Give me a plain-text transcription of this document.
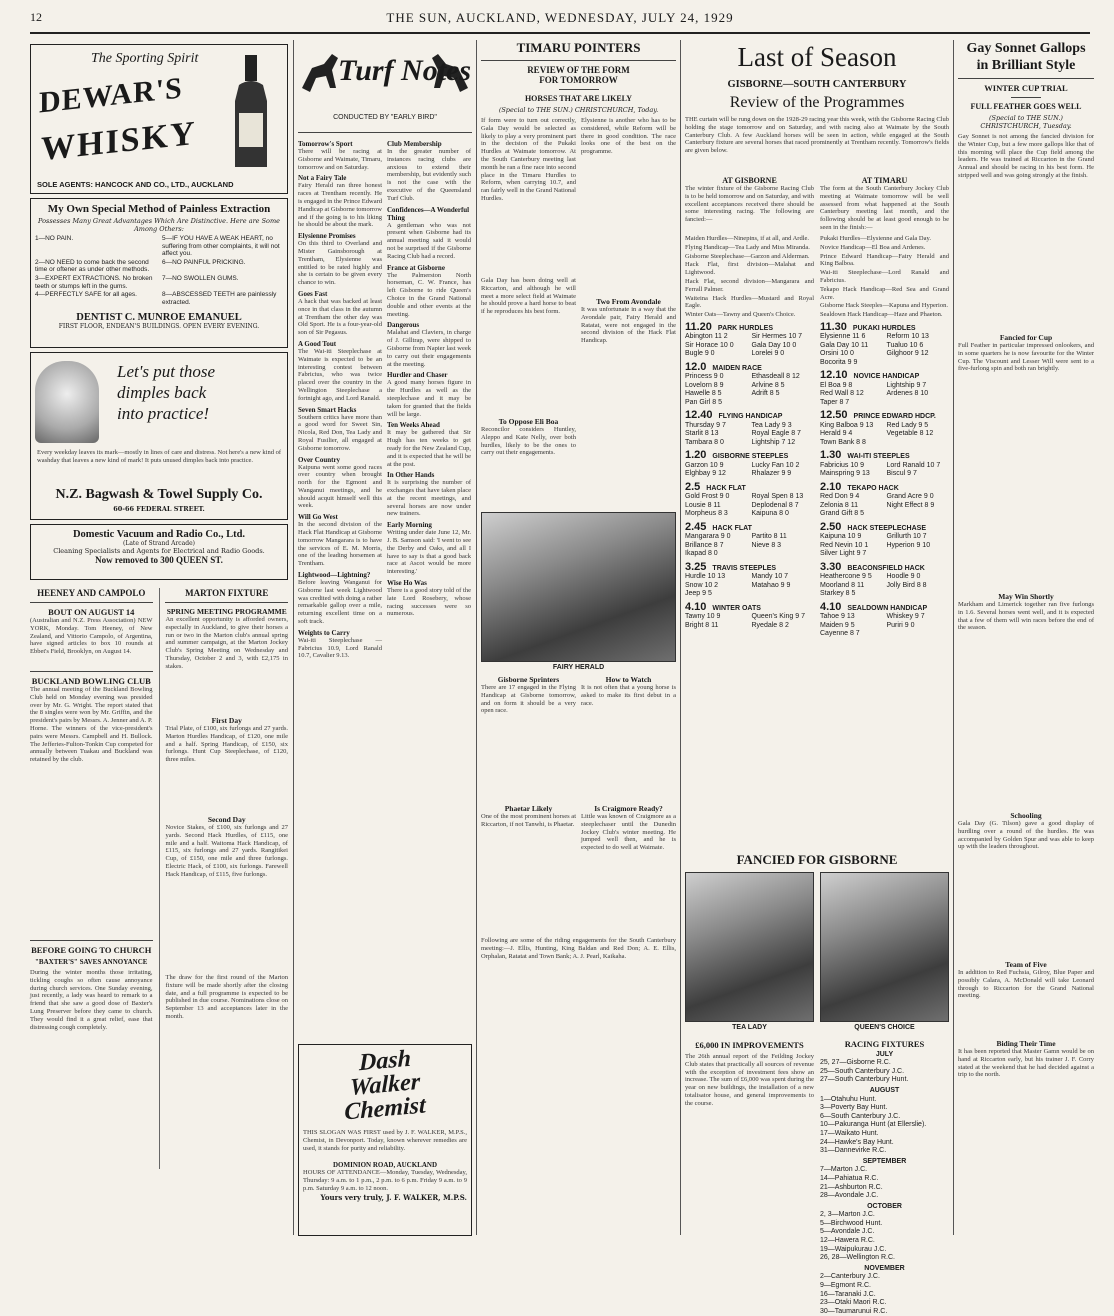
12	THE SUN, AUCKLAND, WEDNESDAY, JULY 24, 1929
The Sporting Spirit
DEWAR'S
WHISKY
SOLE AGENTS: HANCOCK AND CO., LTD., AUCKLAND
My Own Special Method of Painless Extraction
Possesses Many Great Advantages Which Are Distinctive. Here are Some Among Others:
1—NO PAIN.	5—IF YOU HAVE A WEAK HEART, no suffering from other complaints, it will not affect you.
2—NO NEED to come back the second time or oftener as under other methods.
6—NO PAINFUL PRICKING.
3—EXPERT EXTRACTIONS. No broken teeth or stumps left in the gums.
7—NO SWOLLEN GUMS.
4—PERFECTLY SAFE for all ages.	8—ABSCESSED TEETH are painlessly extracted.
DENTIST C. MUNROE EMANUEL
FIRST FLOOR, ENDEAN'S BUILDINGS. OPEN EVERY EVENING.
Let's put those
dimples back
into practice!
Every weekday leaves its mark—mostly in lines of care and distress. Not here's a new kind of washday that leaves a new kind of mark! It puts unused dimples back into practice.
N.Z. Bagwash & Towel Supply Co.
60-66 FEDERAL STREET.
Domestic Vacuum and Radio Co., Ltd.
(Late of Strand Arcade)
Cleaning Specialists and Agents for Electrical and Radio Goods.
Now removed to 300 QUEEN ST.
HEENEY AND CAMPOLO
BOUT ON AUGUST 14
(Australian and N.Z. Press Association) NEW YORK, Monday. Tom Heeney, of New Zealand, and Vittorio Campolo, of Argentina, have signed articles to box 10 rounds at Ebbet's Field, Brooklyn, on August 14.
BUCKLAND BOWLING CLUB
The annual meeting of the Buckland Bowling Club held on Monday evening was presided over by Mr. G. Wright. The report stated that the 8 singles were won by Mr. Griffin, and the president's pairs by Messrs. A. Jenner and A. P. Horne. The winners of the vice-president's pairs were Messrs. Campbell and H. Bullock. The Jefferies-Fulton-Tonkin Cup competed for annually between Tuakau and Buckland was retained by the club.
BEFORE GOING TO CHURCH
"BAXTER'S" SAVES ANNOYANCE
During the winter months those irritating, tickling coughs so often cause annoyance during church services. One Sunday evening, just recently, a lady was heard to remark to a friend that she saw a good dose of Baxter's Lung Preserver before they came to church. They would find it a great relief, ease that distressing cough completely.
MARTON FIXTURE
SPRING MEETING PROGRAMME
An excellent opportunity is afforded owners, especially in Auckland, to give their horses a run or two in the Marton club's annual spring and summer campaign, at the Marton Jockey Club's Spring Meeting on Wednesday and Thursday, October 2 and 3, with £2,175 in stakes.
First Day
Trial Plate, of £100, six furlongs and 27 yards. Marton Hurdles Handicap, of £120, one mile and a half. Spring Handicap, of £150, six furlongs. Hunt Cup Steeplechase, of £120, three miles.
Second Day
Novice Stakes, of £100, six furlongs and 27 yards. Second Hack Hurdles, of £115, one mile and a half. Waitoma Hack Handicap, of £115, six furlongs and 27 yards. Rangitikei Cup, of £150, one mile and three furlongs. Electric Hack, of £100, six furlongs. Farewell Hack Handicap, of £115, five furlongs.
The draw for the first round of the Marton fixture will be made shortly after the closing date, and a full programme is expected to be published in due course. Nominations close on September 13 and acceptances later in the month.
Turf Notes
CONDUCTED BY "EARLY BIRD"
Tomorrow's Sport
There will be racing at Gisborne and Waimate, Timaru, tomorrow and on Saturday.
Not a Fairy Tale
Fairy Herald ran three honest races at Trentham recently. He is engaged in the Prince Edward Handicap at Gisborne tomorrow and if the going is to his liking he should be about the mark.
Elysienne Promises
On this third to Overland and Mister Gainsborough at Trentham, Elysienne was entitled to be rated highly and she is certain to be given every chance to win.
Goes Fast
A hack that was backed at least once in that class in the autumn at Trentham the other day was Old Sport. He is a four-year-old son of Sir Pegasus.
A Good Tout
The Wai-iti Steeplechase at Waimate is expected to be an interesting contest between Fabricius, who was twice placed over the country in the Wellington Steeplechase a fortnight ago, and Lord Ranald.
Seven Smart Hacks
Southern critics have more than a good word for Sweet Sin, Nicola, Red Don, Tea Lady and Royal Fusilier, all engaged at Gisborne tomorrow.
Over Country
Kaipuna went some good races over country when brought north for the Egmont and Wanganui meetings, and he should acquit himself well this week.
Will Go West
In the second division of the Hack Flat Handicap at Gisborne tomorrow Mangarara is to have the services of E. M. Morris, one of the leading horsemen at Trentham.
Lightwood—Lightning?
Before leaving Wanganui for Gisborne last week Lightwood was credited with doing a rather remarkable gallop over a mile, returning excellent time on a soft track.
Weights to Carry
Wai-iti Steeplechase — Fabricius 10.9, Lord Ranald 10.7, Cavalier 9.13.
Club Membership
In the greater number of instances racing clubs are anxious to extend their membership, but evidently such is not the case with the executive of the Queensland Turf Club.
Confidences—A Wonderful Thing
A gentleman who was not present when Gisborne had its annual meeting said it would not be surprised if the Gisborne Racing Club had a record.
France at Gisborne
The Palmerston North horseman, C. W. France, has left Gisborne to ride Queen's Choice in the Grand National double and other events at the meeting.
Dangerous
Malahat and Claviers, in charge of J. Gilltrap, were shipped to Gisborne from Napier last week to carry out their engagements at the meeting.
Hurdler and Chaser
A good many horses figure in the Hurdles as well as the steeplechase and it may be taken for granted that the fields will be large.
Ten Weeks Ahead
It may be gathered that Sir Hugh has ten weeks to get ready for the New Zealand Cup, and it is expected that he will be at the post.
In Other Hands
It is surprising the number of exchanges that have taken place at the recent meetings, and several horses are now under new trainers.
Early Morning
Writing under date June 12, Mr. J. B. Samson said: 'I went to see the Derby and Oaks, and all I have to say is that a good back race at Ascot would be more interesting.'
Wise Ho Was
There is a good story told of the late Lord Rosebery, whose racing successes were so numerous.
Dash
Walker
Chemist
THIS SLOGAN WAS FIRST used by J. F. WALKER, M.P.S., Chemist, in Devonport. Today, known wherever remedies are used, it stands for purity and reliability.
DOMINION ROAD, AUCKLAND
HOURS OF ATTENDANCE—Monday, Tuesday, Wednesday, Thursday: 9 a.m. to 1 p.m., 2 p.m. to 6 p.m. Friday 9 a.m. to 9 p.m. Saturday 9 a.m. to 12 noon.
Yours very truly, J. F. WALKER, M.P.S.
TIMARU POINTERS
REVIEW OF THE FORM
FOR TOMORROW
HORSES THAT ARE LIKELY
(Special to THE SUN.) CHRISTCHURCH, Today.
If form were to turn out correctly, Gala Day would be selected as likely to play a very prominent part in the decision of the Pukaki Hurdles at Waimate tomorrow. At the South Canterbury meeting last month he ran a fine race into second place in the Timaru Hurdles to Reform, when carrying 10.7, and ran fairly well in the Grand National Hurdles.
Gala Day has been doing well at Riccarton, and although he will meet a more select field at Waimate he should prove a hard horse to beat if he reproduces his best form.
To Oppose Eli Boa
Reconcilor considers Huntley, Aleppo and Kate Nelly, over both hurdles, likely to be the ones to carry out their engagements.
Elysienne is another who has to be considered, while Reform will be there in good condition. The race looks one of the best on the programme.
Two From Avondale
It was unfortunate in a way that the Avondale pair, Fairy Herald and Ratatat, were not engaged in the second division of the Hack Flat Handicap.
FAIRY HERALD
Gisborne Sprinters
There are 17 engaged in the Flying Handicap at Gisborne tomorrow, and on form it should be a very open race.
Phaetar Likely
One of the most prominent horses at Riccarton, if not Tanwhi, is Phaetar.
How to Watch
It is not often that a young horse is asked to make its first debut in a race.
Is Craigmore Ready?
Little was known of Craigmore as a steeplechaser until the Dunedin Jockey Club's winter meeting. He jumped well then, and he is expected to do well at Waimate.
Following are some of the riding engagements for the South Canterbury meeting:—J. Ellis, Hunting, King Baldan and Red Don; A. E. Ellis, Orphalan, Ratatat and Town Bank; A. J. Pearl, Kaikaha.
Last of Season
GISBORNE—SOUTH CANTERBURY
Review of the Programmes
THE curtain will be rung down on the 1928-29 racing year this week, with the Gisborne Racing Club holding the stage tomorrow and on Saturday, and with racing also at Waimate by the South Canterbury Club. A few Auckland horses will be seen in action, while engaged at the South Canterbury fixture are several horses that raced prominently at Trentham recently. Tomorrow's fields are given below.
AT GISBORNE
The winter fixture of the Gisborne Racing Club is to be held tomorrow and on Saturday, and with excellent acceptances received there should be some interesting racing. The following are fancied:—
Maiden Hurdles—Ninepins, if at all, and Ardle.
Flying Handicap—Tea Lady and Miss Miranda.
Gisborne Steeplechase—Garzon and Alderman.
Hack Flat, first division—Malahat and Lightwood.
Hack Flat, second division—Mangarara and Ferrall Palmer.
Waiteina Hack Hurdles—Mustard and Royal Eagle.
Winter Oats—Tawny and Queen's Choice.
11.20 PARK HURDLES
Abington 11 2	Sir Hermes 10 7
Sir Horace 10 0	Gala Day 10 0
Bugle 9 0	Lorelei 9 0
12.0 MAIDEN RACE
Princess 9 0	Ethasdeall 8 12
Lovelorn 8 9	Arlvine 8 5
Hawelle 8 5	Adrift 8 5
Pan Girl 8 5
12.40 FLYING HANDICAP
Thursday 9 7	Tea Lady 9 3
Starlit 8 13	Royal Eagle 8 7
Tambara 8 0	Lightship 7 12
1.20 GISBORNE STEEPLES
Garzon 10 9	Lucky Fan 10 2
Elghbay 9 12	Rhalazer 9 9
2.5 HACK FLAT
Gold Frost 9 0	Royal Spen 8 13
Lousie 8 11	Deplodenal 8 7
Morpheus 8 3	Kaipuna 8 0
2.45 HACK FLAT
Mangarara 9 0	Partito 8 11
Brillance 8 7	Nieve 8 3
Ikapad 8 0
3.25 TRAVIS STEEPLES
Hurdle 10 13	Mandy 10 7
Snow 10 2	Matahao 9 9
Jeep 9 5
4.10 WINTER OATS
Tawny 10 9	Queen's King 9 7
Bright 8 11	Ryedale 8 2
AT TIMARU
The form at the South Canterbury Jockey Club meeting at Waimate tomorrow will be well assessed from what happened at the South Canterbury meeting last month, and the following should be at least good enough to be seen in the finish:—
Pukaki Hurdles—Elysienne and Gala Day.
Novice Handicap—El Boa and Ardenes.
Prince Edward Handicap—Fairy Herald and King Balboa.
Wai-iti Steeplechase—Lord Ranald and Fabricius.
Tekapo Hack Handicap—Red Sea and Grand Acre.
Gisborne Hack Steeples—Kapuna and Hyperion.
Sealdown Hack Handicap—Haze and Phaeton.
11.30 PUKAKI HURDLES
Elysienne 11 6	Reform 10 13
Gala Day 10 11	Tualuo 10 6
Orsini 10 0	Gilghoor 9 12
Bocorita 9 9
12.10 NOVICE HANDICAP
El Boa 9 8	Lightship 9 7
Red Wall 8 12	Ardenes 8 10
Taper 8 7
12.50 PRINCE EDWARD HDCP.
King Balboa 9 13	Red Lady 9 5
Herald 9 4	Vegetable 8 12
Town Bank 8 8
1.30 WAI-ITI STEEPLES
Fabricius 10 9	Lord Ranald 10 7
Mainspring 9 13	Biscul 9 7
2.10 TEKAPO HACK
Red Don 9 4	Grand Acre 9 0
Zelonia 8 11	Night Effect 8 9
Grand Gift 8 5
2.50 HACK STEEPLECHASE
Kaipuna 10 9	Grillurth 10 7
Red Nevin 10 1	Hyperion 9 10
Silver Light 9 7
3.30 BEACONSFIELD HACK
Heathercone 9 5	Hoodle 9 0
Moorland 8 11	Jolly Bird 8 8
Starkey 8 5
4.10 SEALDOWN HANDICAP
Tahoe 9 13	Whiskey 9 7
Maiden 9 5	Puriri 9 0
Cayenne 8 7
FANCIED FOR GISBORNE
TEA LADY	QUEEN'S CHOICE
£6,000 IN IMPROVEMENTS
The 26th annual report of the Feilding Jockey Club states that practically all sources of revenue with the exception of investment fees show an increase. The sum of £6,000 was spent during the year on new buildings, the installation of a new totalisator house, and general improvements to the course.
RACING FIXTURES
JULY
25, 27—Gisborne R.C.
25—South Canterbury J.C.
27—South Canterbury Hunt.
AUGUST
1—Otahuhu Hunt.
3—Poverty Bay Hunt.
6—South Canterbury J.C.
10—Pakuranga Hunt (at Ellerslie).
17—Waikato Hunt.
24—Hawke's Bay Hunt.
31—Dannevirke R.C.
SEPTEMBER
7—Marton J.C.
14—Pahiatua R.C.
21—Ashburton R.C.
28—Avondale J.C.
OCTOBER
2, 3—Marton J.C.
5—Birchwood Hunt.
5—Avondale J.C.
12—Hawera R.C.
19—Waipukurau J.C.
26, 28—Wellington R.C.
NOVEMBER
2—Canterbury J.C.
9—Egmont R.C.
16—Taranaki J.C.
23—Otaki Maori R.C.
30—Taumarunui R.C.
Gay Sonnet Gallops
in Brilliant Style
WINTER CUP TRIAL
FULL FEATHER GOES WELL
(Special to THE SUN.) CHRISTCHURCH, Tuesday.
Gay Sonnet is not among the fancied division for the Winter Cup, but a few more gallops like that of this morning will place the Cup field among the leaders. He was trained at Riccarton in the Grand Annual and should be racing in his best form. He stripped well and was going strongly at the finish.
Fancied for Cup
Full Feather in particular impressed onlookers, and in some quarters he is now favourite for the Winter Cup. The Viscount and Lesser Will were sent to a five-furlong spin and both ran brightly.
May Win Shortly
Markham and Limerick together ran five furlongs in 1.6. Several horses went well, and it is expected that a few of them will win races before the end of the season.
Schooling
Gala Day (G. Tilson) gave a good display of hurdling over a round of the hurdles. He was accompanied by Golden Spur and was able to keep up with the leaders throughout.
Team of Five
In addition to Red Fuchsia, Gilroy, Blue Paper and possibly Calara, A. McDonald will take Leonard through to Riccarton for the Grand National meeting.
Biding Their Time
It has been reported that Master Gamn would be on hand at Riccarton early, but his trainer J. F. Corry stated at the weekend that he had decided against a trip to the north.
